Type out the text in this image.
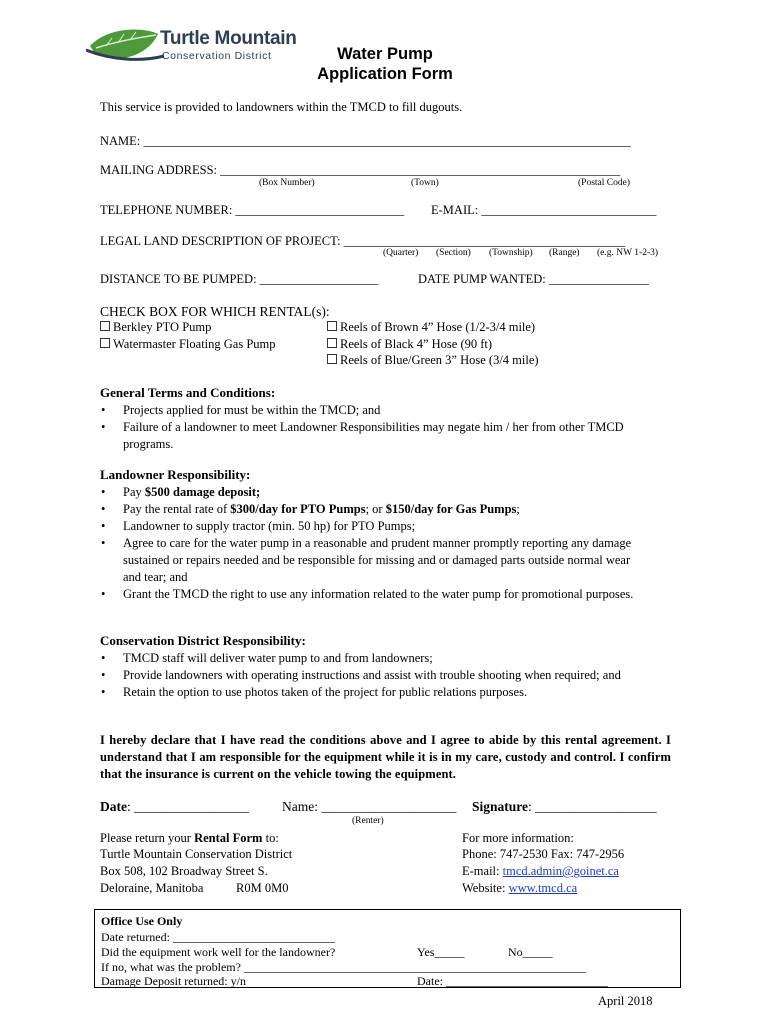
Turtle Mountain
Conservation District	Water Pump
Application Form
This service is provided to landowners within the TMCD to fill dugouts.
NAME: ______________________________________________________________________________
MAILING ADDRESS: ________________________________________________________________
(Box Number)	(Town)	(Postal Code)
TELEPHONE NUMBER: ___________________________ E-MAIL: ____________________________
LEGAL LAND DESCRIPTION OF PROJECT: _____________________________________________
(Quarter) (Section) (Township) (Range) (e.g. NW 1-2-3)
DISTANCE TO BE PUMPED: ___________________	DATE PUMP WANTED: ________________
CHECK BOX FOR WHICH RENTAL(s):
Berkley PTO Pump
Watermaster Floating Gas Pump
Reels of Brown 4” Hose (1/2-3/4 mile)
Reels of Black 4” Hose (90 ft)
Reels of Blue/Green 3” Hose (3/4 mile)
General Terms and Conditions:
• Projects applied for must be within the TMCD; and
• Failure of a landowner to meet Landowner Responsibilities may negate him / her from other TMCD programs.
Landowner Responsibility:
• Pay $500 damage deposit;
• Pay the rental rate of $300/day for PTO Pumps; or $150/day for Gas Pumps;
• Landowner to supply tractor (min. 50 hp) for PTO Pumps;
• Agree to care for the water pump in a reasonable and prudent manner promptly reporting any damage sustained or repairs needed and be responsible for missing and or damaged parts outside normal wear and tear; and
• Grant the TMCD the right to use any information related to the water pump for promotional purposes.
Conservation District Responsibility:
• TMCD staff will deliver water pump to and from landowners;
• Provide landowners with operating instructions and assist with trouble shooting when required; and
• Retain the option to use photos taken of the project for public relations purposes.
I hereby declare that I have read the conditions above and I agree to abide by this rental agreement. I understand that I am responsible for the equipment while it is in my care, custody and control. I confirm that the insurance is current on the vehicle towing the equipment.
Date: _________________ Name: ____________________
(Renter)
Signature: __________________
Please return your Rental Form to:
Turtle Mountain Conservation District
Box 508, 102 Broadway Street S.
Deloraine, Manitoba	R0M 0M0
For more information:
Phone: 747-2530 Fax: 747-2956
E-mail: tmcd.admin@goinet.ca
Website: www.tmcd.ca
Office Use Only
Date returned: ___________________________
Did the equipment work well for the landowner?	Yes_____	No_____
If no, what was the problem? _________________________________________________________
Damage Deposit returned: y/n	Date: ___________________________
April 2018
